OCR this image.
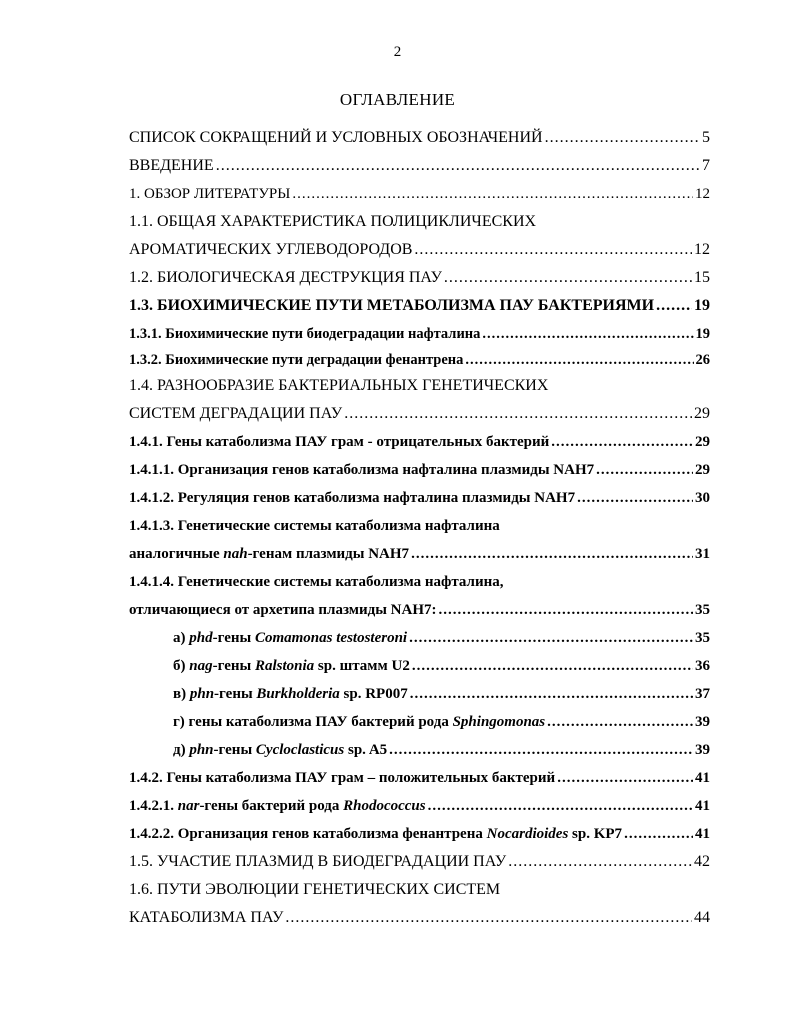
2
ОГЛАВЛЕНИЕ
СПИСОК СОКРАЩЕНИЙ И УСЛОВНЫХ ОБОЗНАЧЕНИЙ .....	5
ВВЕДЕНИЕ .....	7
1. ОБЗОР ЛИТЕРАТУРЫ .....	12
1.1. ОБЩАЯ ХАРАКТЕРИСТИКА ПОЛИЦИКЛИЧЕСКИХ
АРОМАТИЧЕСКИХ УГЛЕВОДОРОДОВ .....	12
1.2. БИОЛОГИЧЕСКАЯ ДЕСТРУКЦИЯ ПАУ .....	15
1.3. БИОХИМИЧЕСКИЕ ПУТИ МЕТАБОЛИЗМА ПАУ БАКТЕРИЯМИ ..... 19
1.3.1. Биохимические пути биодеградации нафталина .....	19
1.3.2. Биохимические пути деградации фенантрена .....	26
1.4. РАЗНООБРАЗИЕ БАКТЕРИАЛЬНЫХ ГЕНЕТИЧЕСКИХ
СИСТЕМ ДЕГРАДАЦИИ ПАУ .....	29
1.4.1. Гены катаболизма ПАУ грам - отрицательных бактерий .....	29
1.4.1.1. Организация генов катаболизма нафталина плазмиды NAH7 .....	29
1.4.1.2. Регуляция генов катаболизма нафталина плазмиды NAH7 .....	30
1.4.1.3. Генетические системы катаболизма нафталина
аналогичные nah-генам плазмиды NAH7 .....	31
1.4.1.4. Генетические системы катаболизма нафталина,
отличающиеся от архетипа плазмиды NAH7: .....	35
а) phd-гены Comamonas testosteroni .....	35
б) nag-гены Ralstonia sp. штамм U2 .....	36
в) phn-гены Burkholderia sp. RP007 .....	37
г) гены катаболизма ПАУ бактерий рода Sphingomonas .....	39
д) phn-гены Cycloclasticus sp. A5 .....	39
1.4.2. Гены катаболизма ПАУ грам – положительных бактерий .....	41
1.4.2.1. nar-гены бактерий рода Rhodococcus .....	41
1.4.2.2. Организация генов катаболизма фенантрена Nocardioides sp. KP7 .....	41
1.5. УЧАСТИЕ ПЛАЗМИД В БИОДЕГРАДАЦИИ ПАУ .....	42
1.6. ПУТИ ЭВОЛЮЦИИ ГЕНЕТИЧЕСКИХ СИСТЕМ
КАТАБОЛИЗМА ПАУ .....	44
